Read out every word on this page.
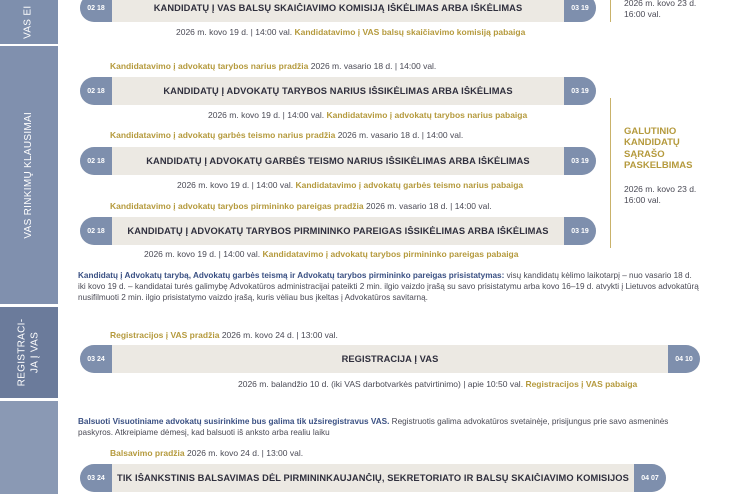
VAS EI
VAS RINKIMŲ KLAUSIMAI
REGISTRACI- JA Į VAS
2026 m. kovo 23 d.
16:00 val.
GALUTINIO
KANDIDATŲ
SĄRAŠO
PASKELBIMAS
2026 m. kovo 23 d.
16:00 val.
02 18	KANDIDATŲ Į VAS BALSŲ SKAIČIAVIMO KOMISIJĄ IŠKĖLIMAS ARBA IŠKĖLIMAS	03 19
2026 m. kovo 19 d. | 14:00 val. Kandidatavimo į VAS balsų skaičiavimo komisiją pabaiga
Kandidatavimo į advokatų tarybos narius pradžia 2026 m. vasario 18 d. | 14:00 val.
02 18	KANDIDATŲ Į ADVOKATŲ TARYBOS NARIUS IŠSIKĖLIMAS ARBA IŠKĖLIMAS	03 19
2026 m. kovo 19 d. | 14:00 val. Kandidatavimo į advokatų tarybos narius pabaiga
Kandidatavimo į advokatų garbės teismo narius pradžia 2026 m. vasario 18 d. | 14:00 val.
02 18	KANDIDATŲ Į ADVOKATŲ GARBĖS TEISMO NARIUS IŠSIKĖLIMAS ARBA IŠKĖLIMAS	03 19
2026 m. kovo 19 d. | 14:00 val. Kandidatavimo į advokatų garbės teismo narius pabaiga
Kandidatavimo į advokatų tarybos pirmininko pareigas pradžia 2026 m. vasario 18 d. | 14:00 val.
02 18	KANDIDATŲ Į ADVOKATŲ TARYBOS PIRMININKO PAREIGAS IŠSIKĖLIMAS ARBA IŠKĖLIMAS	03 19
2026 m. kovo 19 d. | 14:00 val. Kandidatavimo į advokatų tarybos pirmininko pareigas pabaiga
Kandidatų į Advokatų tarybą, Advokatų garbės teismą ir Advokatų tarybos pirmininko pareigas prisistatymas: visų kandidatų kėlimo laikotarpį – nuo vasario 18 d. iki kovo 19 d. – kandidatai turės galimybę Advokatūros administracijai pateikti 2 min. ilgio vaizdo įrašą su savo prisistatymu arba kovo 16–19 d. atvykti į Lietuvos advokatūrą nusifilmuoti 2 min. ilgio prisistatymo vaizdo įrašą, kuris vėliau bus įkeltas į Advokatūros savitarną.
Registracijos į VAS pradžia 2026 m. kovo 24 d. | 13:00 val.
03 24	REGISTRACIJA Į VAS	04 10
2026 m. balandžio 10 d. (iki VAS darbotvarkės patvirtinimo) | apie 10:50 val. Registracijos į VAS pabaiga
Balsuoti Visuotiniame advokatų susirinkime bus galima tik užsiregistravus VAS. Registruotis galima advokatūros svetainėje, prisijungus prie savo asmeninės paskyros. Atkreipiame dėmesį, kad balsuoti iš anksto arba realiu laiku
Balsavimo pradžia 2026 m. kovo 24 d. | 13:00 val.
03 24	TIK IŠANKSTINIS BALSAVIMAS DĖL PIRMININKAUJANČIŲ, SEKRETORIATO IR BALSŲ SKAIČIAVIMO KOMISIJOS	04 07
